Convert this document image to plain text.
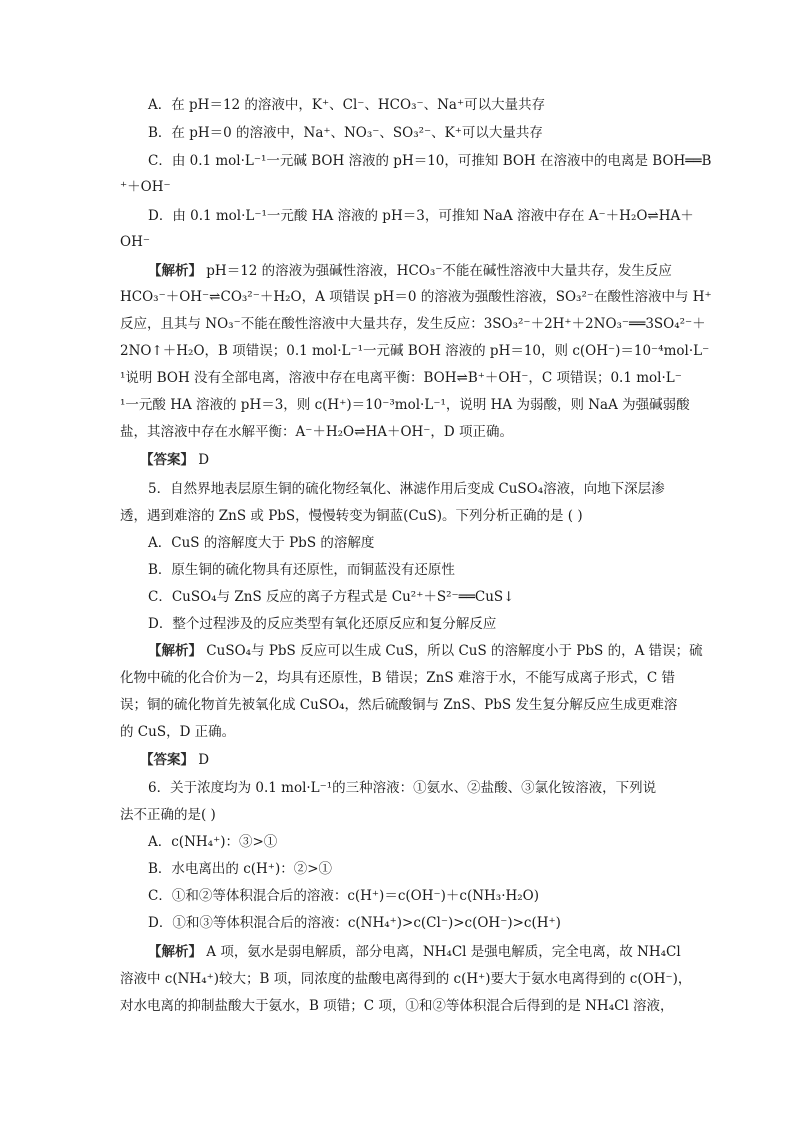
A．在 pH＝12 的溶液中，K⁺、Cl⁻、HCO₃⁻、Na⁺可以大量共存
B．在 pH＝0 的溶液中，Na⁺、NO₃⁻、SO₃²⁻、K⁺可以大量共存
C．由 0.1 mol·L⁻¹一元碱 BOH 溶液的 pH＝10，可推知 BOH 在溶液中的电离是 BOH══B
⁺＋OH⁻
D．由 0.1 mol·L⁻¹一元酸 HA 溶液的 pH＝3，可推知 NaA 溶液中存在 A⁻＋H₂O⇌HA＋
OH⁻
【解析】 pH＝12 的溶液为强碱性溶液，HCO₃⁻不能在碱性溶液中大量共存，发生反应
HCO₃⁻＋OH⁻⇌CO₃²⁻＋H₂O，A 项错误 pH＝0 的溶液为强酸性溶液，SO₃²⁻在酸性溶液中与 H⁺
反应，且其与 NO₃⁻不能在酸性溶液中大量共存，发生反应：3SO₃²⁻＋2H⁺＋2NO₃⁻══3SO₄²⁻＋
2NO↑＋H₂O，B 项错误；0.1 mol·L⁻¹一元碱 BOH 溶液的 pH＝10，则 c(OH⁻)＝10⁻⁴mol·L⁻
¹说明 BOH 没有全部电离，溶液中存在电离平衡：BOH⇌B⁺＋OH⁻，C 项错误；0.1 mol·L⁻
¹一元酸 HA 溶液的 pH＝3，则 c(H⁺)＝10⁻³mol·L⁻¹，说明 HA 为弱酸，则 NaA 为强碱弱酸
盐，其溶液中存在水解平衡：A⁻＋H₂O⇌HA＋OH⁻，D 项正确。
【答案】 D
5．自然界地表层原生铜的硫化物经氧化、淋滤作用后变成 CuSO₄溶液，向地下深层渗
透，遇到难溶的 ZnS 或 PbS，慢慢转变为铜蓝(CuS)。下列分析正确的是 ( )
A．CuS 的溶解度大于 PbS 的溶解度
B．原生铜的硫化物具有还原性，而铜蓝没有还原性
C．CuSO₄与 ZnS 反应的离子方程式是 Cu²⁺＋S²⁻══CuS↓
D．整个过程涉及的反应类型有氧化还原反应和复分解反应
【解析】 CuSO₄与 PbS 反应可以生成 CuS，所以 CuS 的溶解度小于 PbS 的，A 错误；硫
化物中硫的化合价为－2，均具有还原性，B 错误；ZnS 难溶于水，不能写成离子形式，C 错
误；铜的硫化物首先被氧化成 CuSO₄，然后硫酸铜与 ZnS、PbS 发生复分解反应生成更难溶
的 CuS，D 正确。
【答案】 D
6．关于浓度均为 0.1 mol·L⁻¹的三种溶液：①氨水、②盐酸、③氯化铵溶液，下列说
法不正确的是( )
A．c(NH₄⁺)：③>①
B．水电离出的 c(H⁺)：②>①
C．①和②等体积混合后的溶液：c(H⁺)＝c(OH⁻)＋c(NH₃·H₂O)
D．①和③等体积混合后的溶液：c(NH₄⁺)>c(Cl⁻)>c(OH⁻)>c(H⁺)
【解析】 A 项，氨水是弱电解质，部分电离，NH₄Cl 是强电解质，完全电离，故 NH₄Cl
溶液中 c(NH₄⁺)较大；B 项，同浓度的盐酸电离得到的 c(H⁺)要大于氨水电离得到的 c(OH⁻)，
对水电离的抑制盐酸大于氨水，B 项错；C 项，①和②等体积混合后得到的是 NH₄Cl 溶液，
